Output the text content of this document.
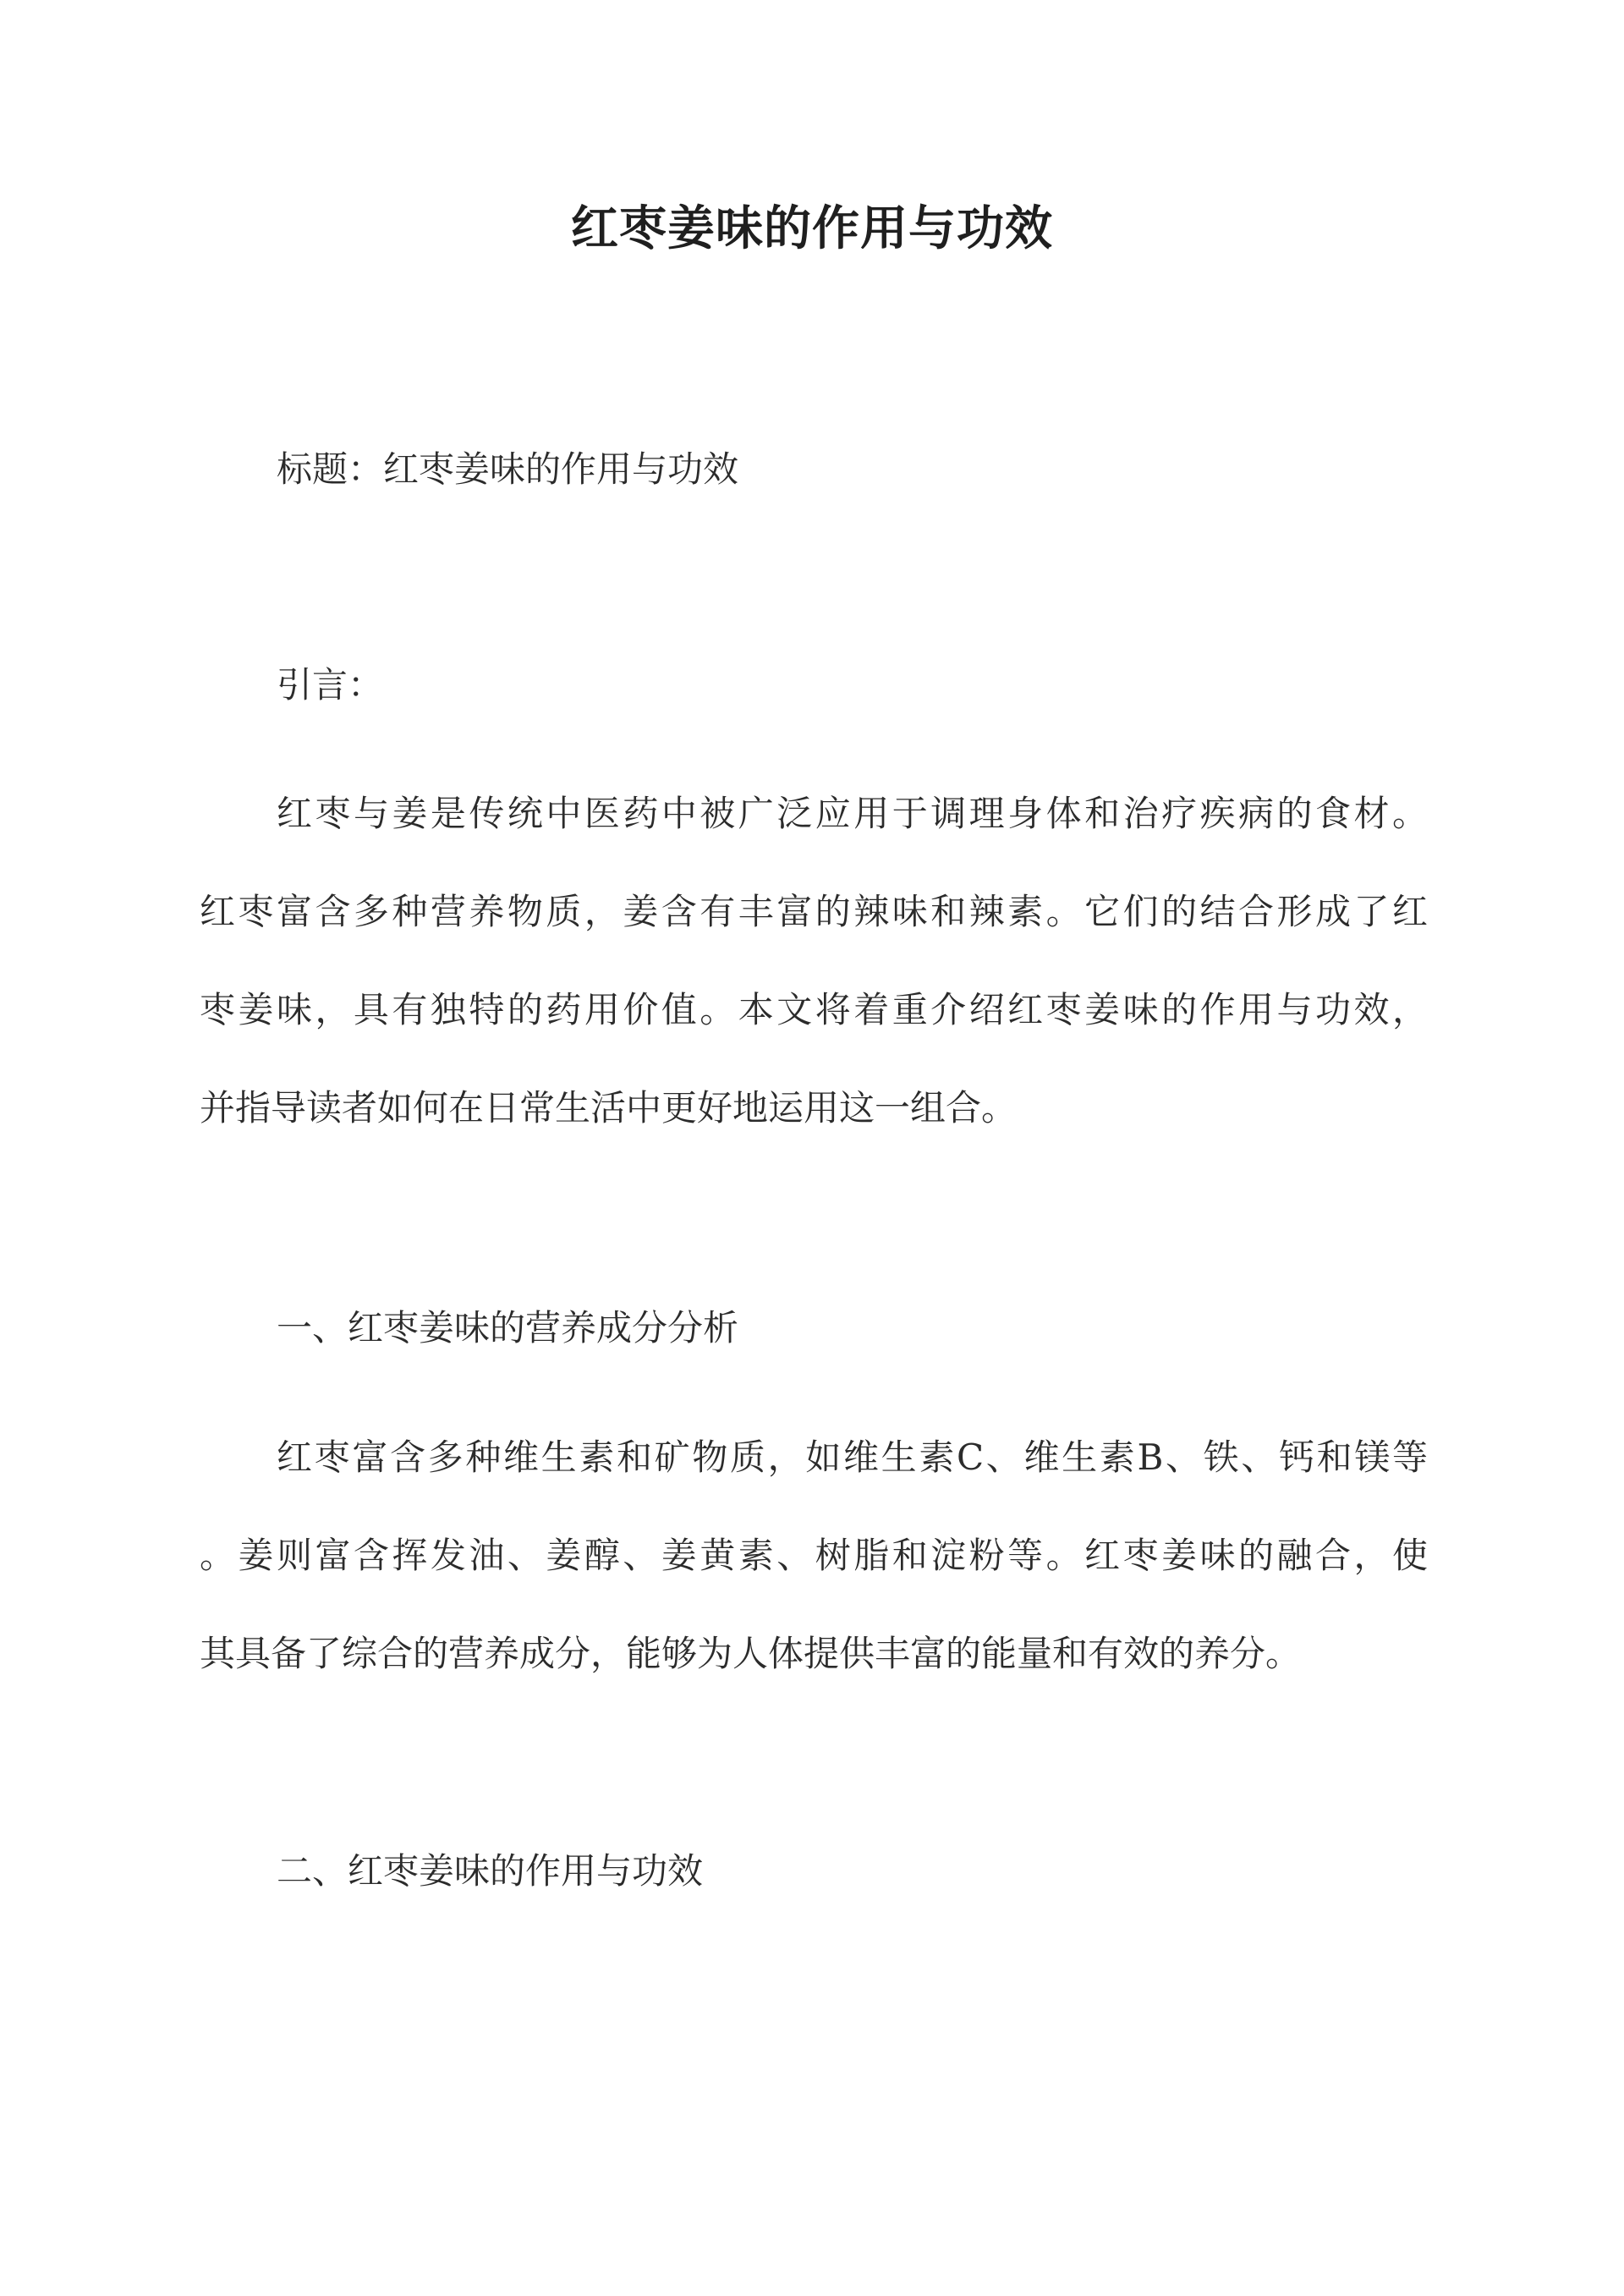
红枣姜味的作用与功效
标题：红枣姜味的作用与功效
引言：
红枣与姜是传统中医药中被广泛应用于调理身体和治疗疾病的食材。
红枣富含多种营养物质，姜含有丰富的辣味和辣素。它们的结合形成了红
枣姜味，具有独特的药用价值。本文将着重介绍红枣姜味的作用与功效，
并指导读者如何在日常生活中更好地运用这一组合。
一、红枣姜味的营养成分分析
红枣富含多种维生素和矿物质，如维生素C、维生素B、铁、钙和镁等
。姜则富含挥发油、姜醇、姜黄素、树脂和淀粉等。红枣姜味的融合，使
其具备了综合的营养成分，能够为人体提供丰富的能量和有效的养分。
二、红枣姜味的作用与功效
